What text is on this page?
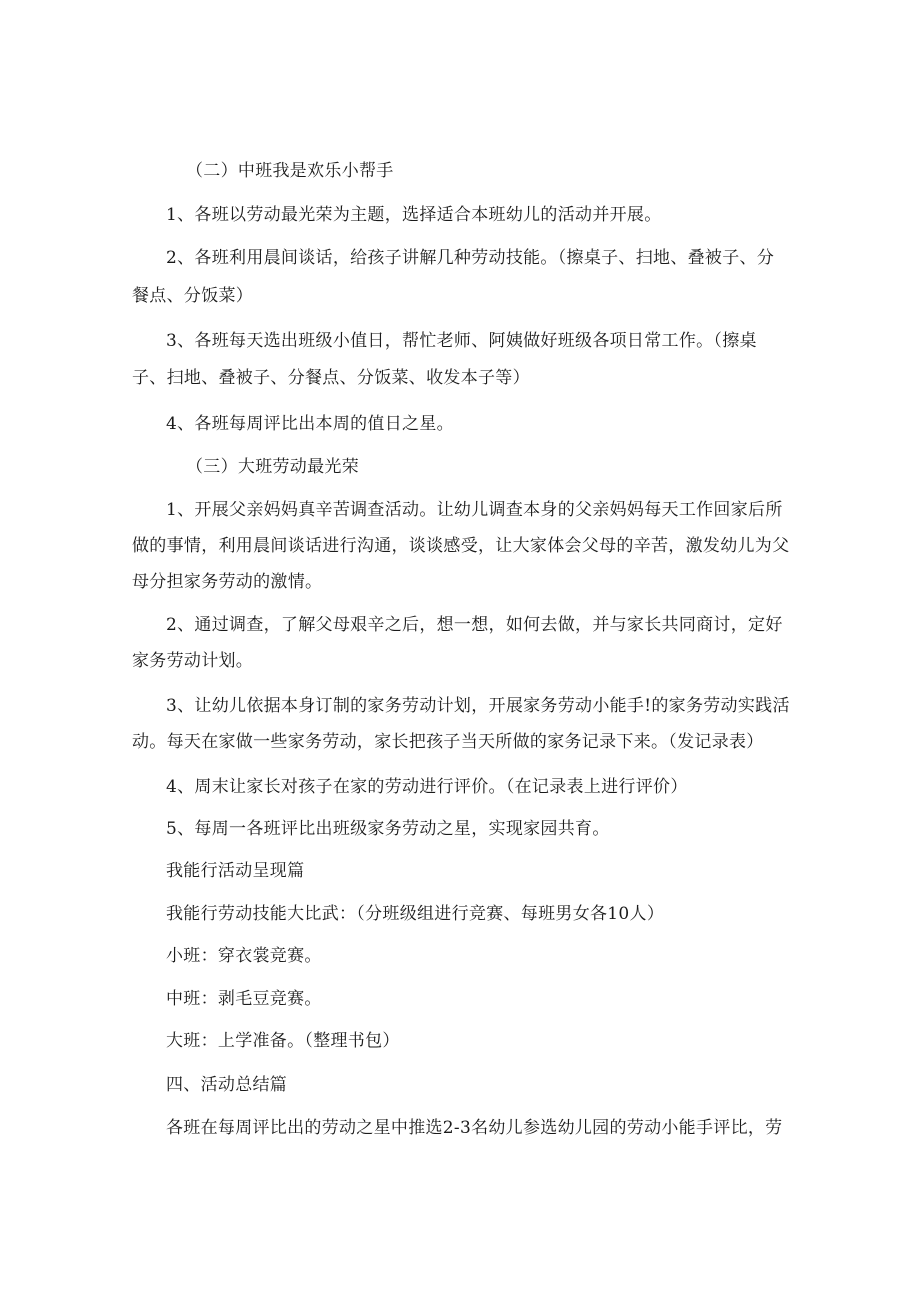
（二）中班我是欢乐小帮手
1、各班以劳动最光荣为主题，选择适合本班幼儿的活动并开展。
2、各班利用晨间谈话，给孩子讲解几种劳动技能。（擦桌子、扫地、叠被子、分
餐点、分饭菜）
3、各班每天选出班级小值日，帮忙老师、阿姨做好班级各项日常工作。（擦桌
子、扫地、叠被子、分餐点、分饭菜、收发本子等）
4、各班每周评比出本周的值日之星。
（三）大班劳动最光荣
1、开展父亲妈妈真辛苦调查活动。让幼儿调查本身的父亲妈妈每天工作回家后所
做的事情，利用晨间谈话进行沟通，谈谈感受，让大家体会父母的辛苦，激发幼儿为父
母分担家务劳动的激情。
2、通过调查，了解父母艰辛之后，想一想，如何去做，并与家长共同商讨，定好
家务劳动计划。
3、让幼儿依据本身订制的家务劳动计划，开展家务劳动小能手!的家务劳动实践活
动。每天在家做一些家务劳动，家长把孩子当天所做的家务记录下来。（发记录表）
4、周末让家长对孩子在家的劳动进行评价。（在记录表上进行评价）
5、每周一各班评比出班级家务劳动之星，实现家园共育。
我能行活动呈现篇
我能行劳动技能大比武：（分班级组进行竞赛、每班男女各10人）
小班：穿衣裳竞赛。
中班：剥毛豆竞赛。
大班：上学准备。（整理书包）
四、活动总结篇
各班在每周评比出的劳动之星中推选2-3名幼儿参选幼儿园的劳动小能手评比，劳
